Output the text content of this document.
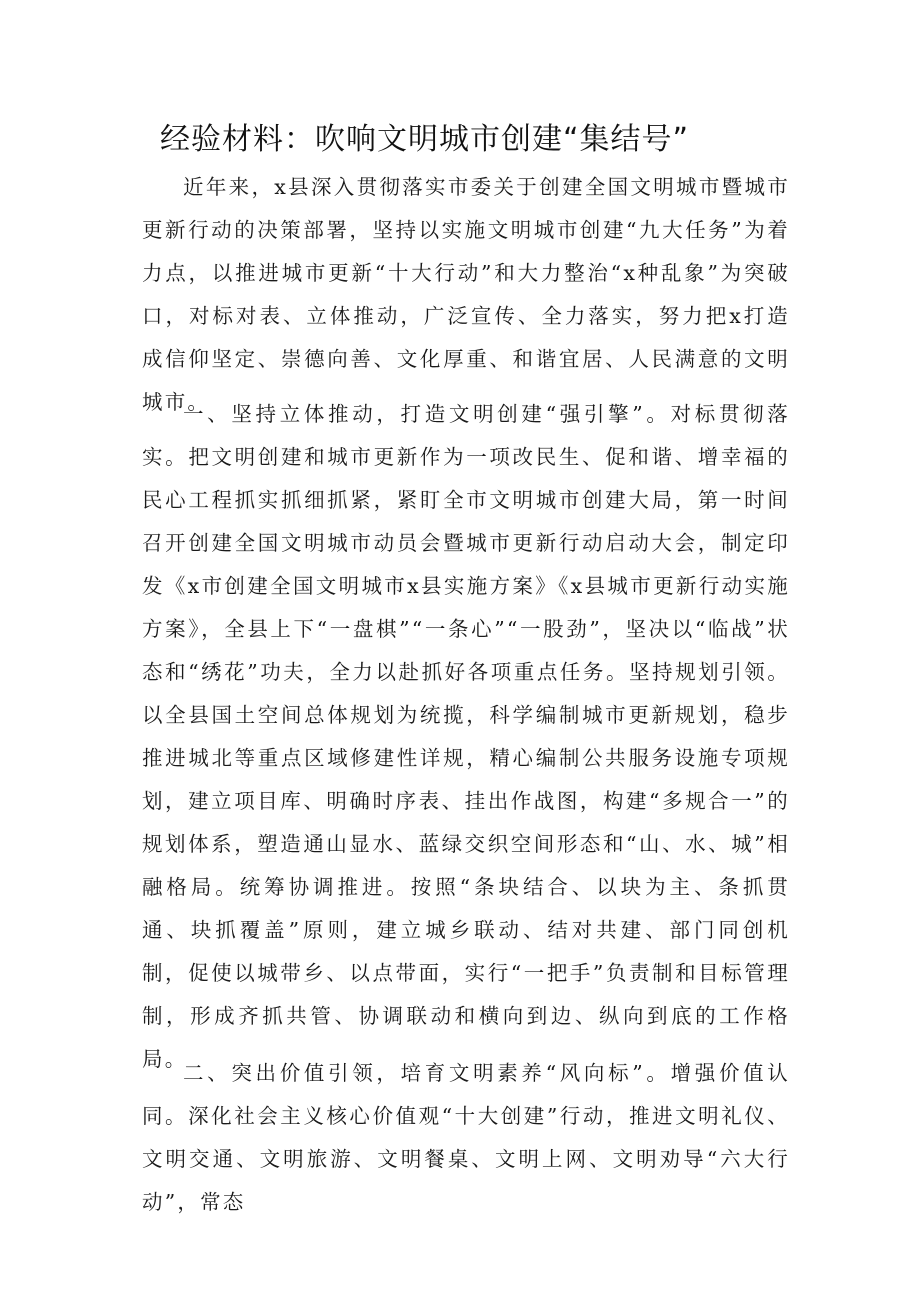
经验材料：吹响文明城市创建“集结号”

近年来，x县深入贯彻落实市委关于创建全国文明城市暨城市更新行动的决策部署，坚持以实施文明城市创建“九大任务”为着力点，以推进城市更新“十大行动”和大力整治“x种乱象”为突破口，对标对表、立体推动，广泛宣传、全力落实，努力把x打造成信仰坚定、崇德向善、文化厚重、和谐宜居、人民满意的文明城市。

一、坚持立体推动，打造文明创建“强引擎”。对标贯彻落实。把文明创建和城市更新作为一项改民生、促和谐、增幸福的民心工程抓实抓细抓紧，紧盯全市文明城市创建大局，第一时间召开创建全国文明城市动员会暨城市更新行动启动大会，制定印发《x市创建全国文明城市x县实施方案》《x县城市更新行动实施方案》，全县上下“一盘棋”“一条心”“一股劲”，坚决以“临战”状态和“绣花”功夫，全力以赴抓好各项重点任务。坚持规划引领。以全县国土空间总体规划为统揽，科学编制城市更新规划，稳步推进城北等重点区域修建性详规，精心编制公共服务设施专项规划，建立项目库、明确时序表、挂出作战图，构建“多规合一”的规划体系，塑造通山显水、蓝绿交织空间形态和“山、水、城”相融格局。统筹协调推进。按照“条块结合、以块为主、条抓贯通、块抓覆盖”原则，建立城乡联动、结对共建、部门同创机制，促使以城带乡、以点带面，实行“一把手”负责制和目标管理制，形成齐抓共管、协调联动和横向到边、纵向到底的工作格局。

二、突出价值引领，培育文明素养“风向标”。增强价值认同。深化社会主义核心价值观“十大创建”行动，推进文明礼仪、文明交通、文明旅游、文明餐桌、文明上网、文明劝导“六大行动”，常态
